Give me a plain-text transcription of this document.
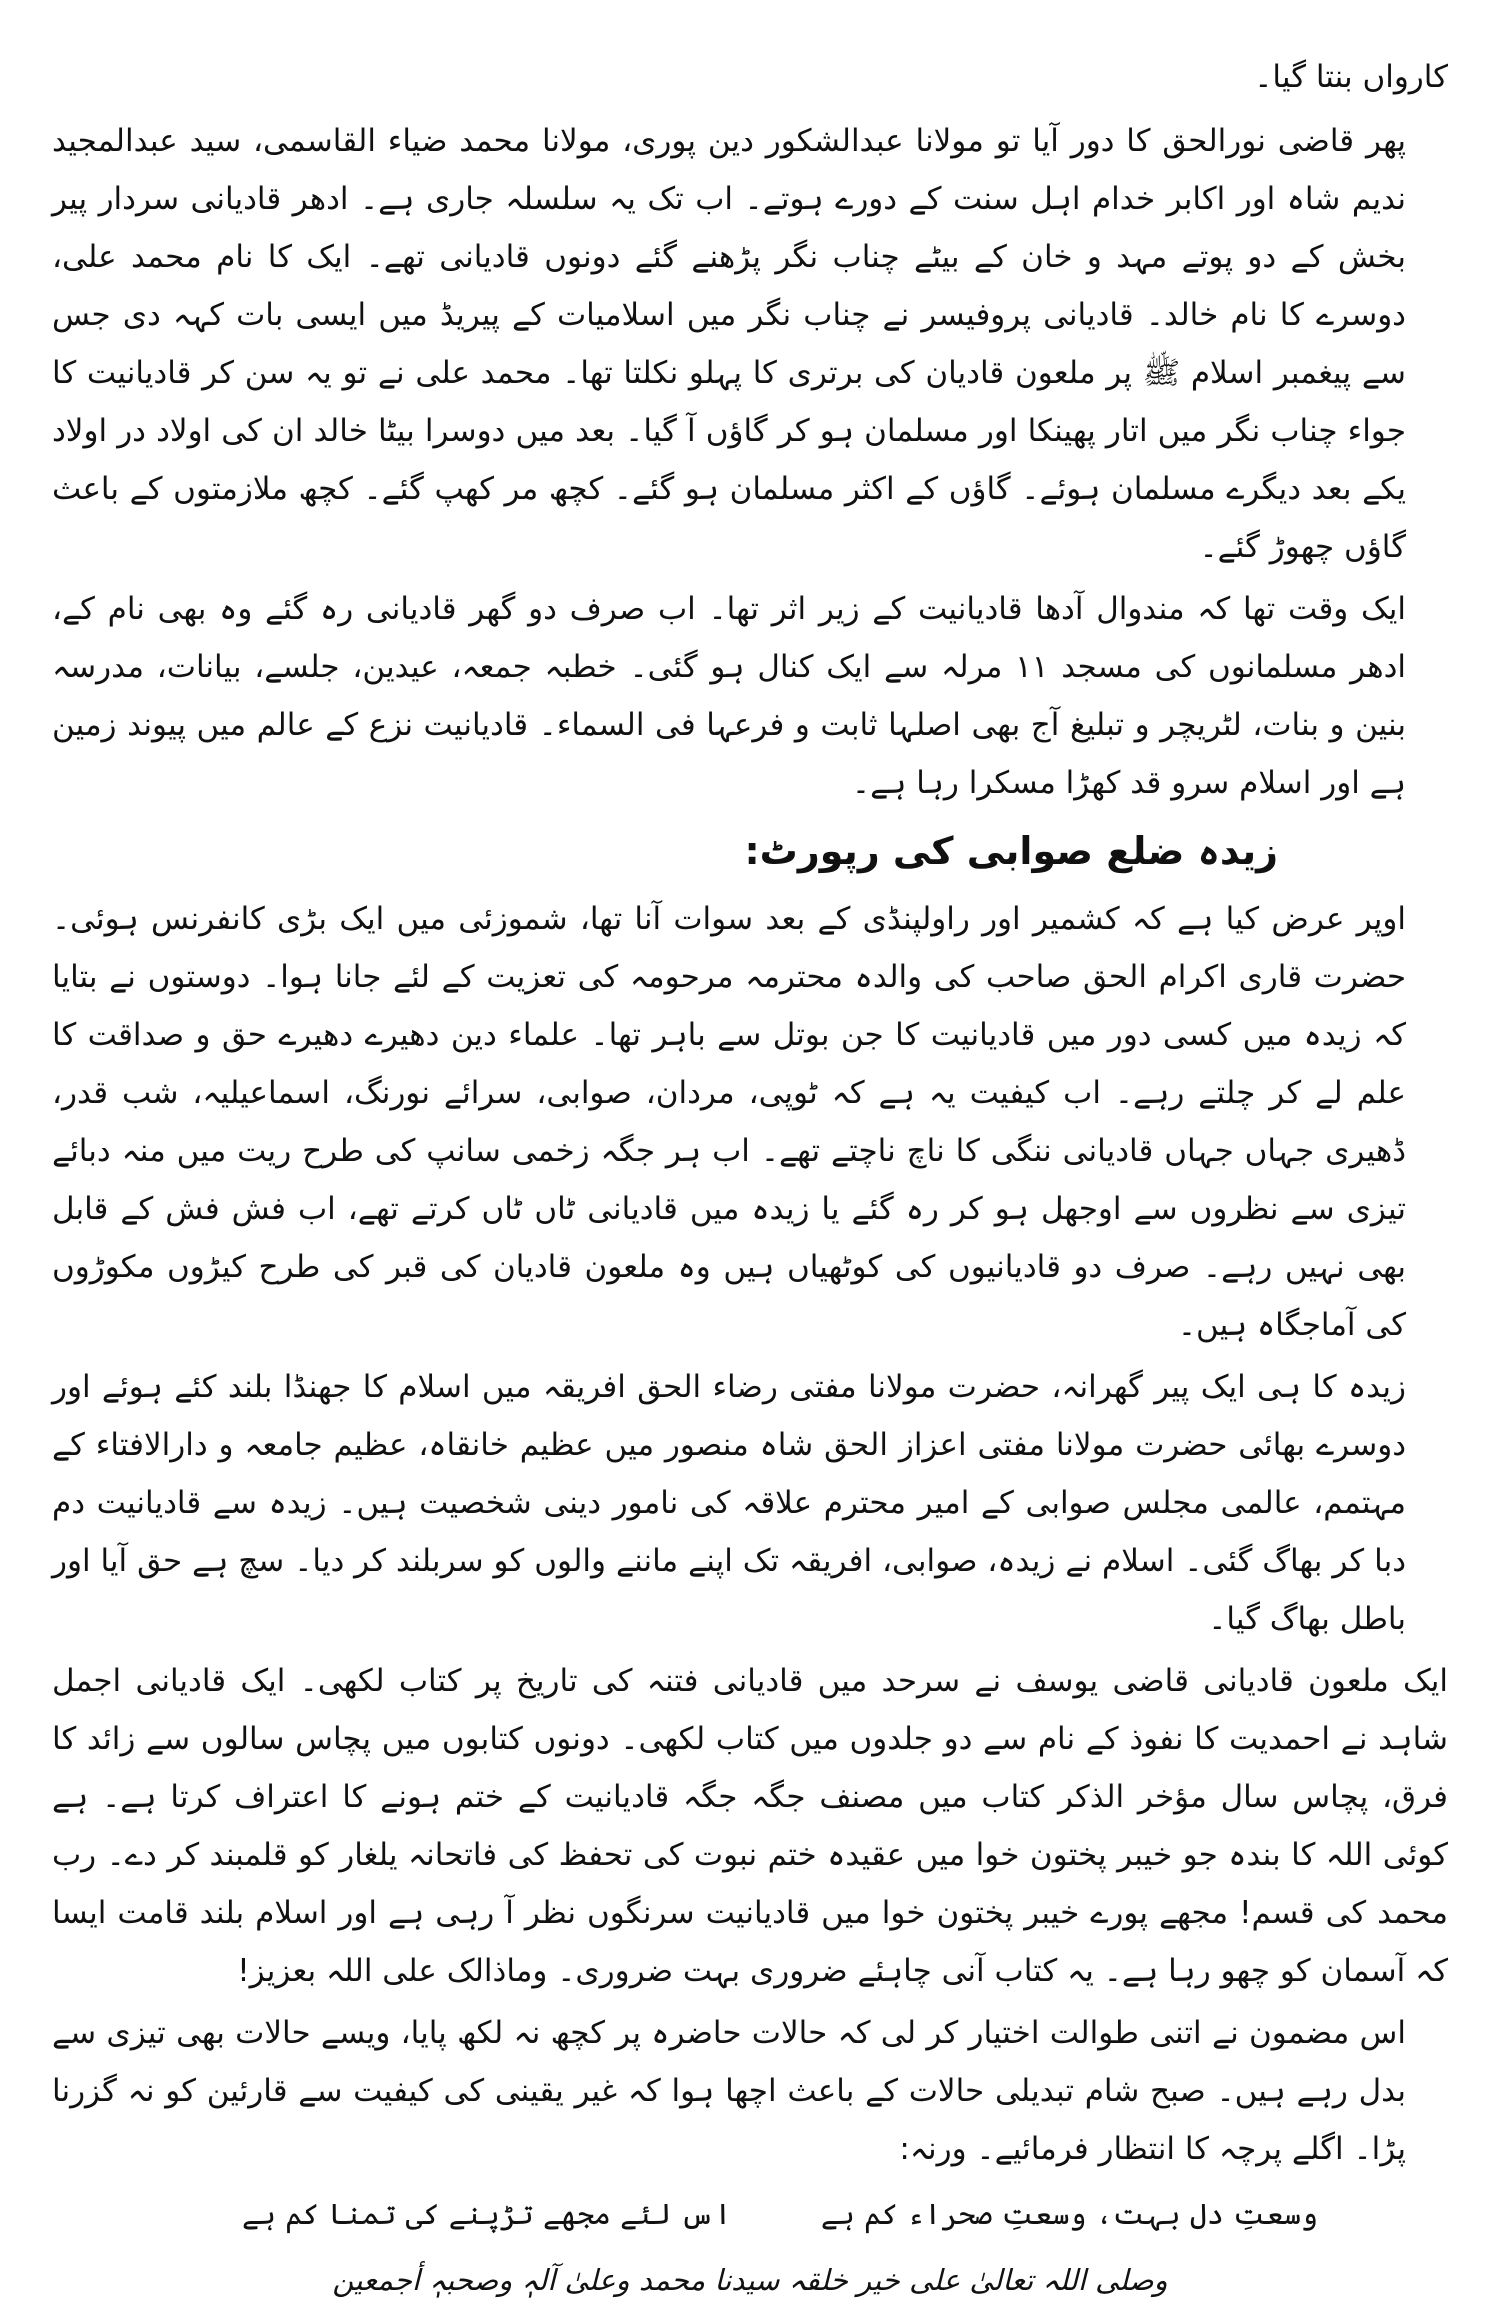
کارواں بنتا گیا۔

پھر قاضی نورالحق کا دور آیا تو مولانا عبدالشکور دین پوری، مولانا محمد ضیاء القاسمی، سید عبدالمجید ندیم شاہ اور اکابر خدام اہل سنت کے دورے ہوتے۔ اب تک یہ سلسلہ جاری ہے۔ ادھر قادیانی سردار پیر بخش کے دو پوتے مہد و خان کے بیٹے چناب نگر پڑھنے گئے دونوں قادیانی تھے۔ ایک کا نام محمد علی، دوسرے کا نام خالد۔ قادیانی پروفیسر نے چناب نگر میں اسلامیات کے پیریڈ میں ایسی بات کہہ دی جس سے پیغمبر اسلام ﷺ پر ملعون قادیان کی برتری کا پہلو نکلتا تھا۔ محمد علی نے تو یہ سن کر قادیانیت کا جواء چناب نگر میں اتار پھینکا اور مسلمان ہو کر گاؤں آ گیا۔ بعد میں دوسرا بیٹا خالد ان کی اولاد در اولاد یکے بعد دیگرے مسلمان ہوئے۔ گاؤں کے اکثر مسلمان ہو گئے۔ کچھ مر کھپ گئے۔ کچھ ملازمتوں کے باعث گاؤں چھوڑ گئے۔

ایک وقت تھا کہ مندوال آدھا قادیانیت کے زیر اثر تھا۔ اب صرف دو گھر قادیانی رہ گئے وہ بھی نام کے، ادھر مسلمانوں کی مسجد ۱۱ مرلہ سے ایک کنال ہو گئی۔ خطبہ جمعہ، عیدین، جلسے، بیانات، مدرسہ بنین و بنات، لٹریچر و تبلیغ آج بھی اصلہا ثابت و فرعہا فی السماء۔ قادیانیت نزع کے عالم میں پیوند زمین ہے اور اسلام سرو قد کھڑا مسکرا رہا ہے۔

زیدہ ضلع صوابی کی رپورٹ:

اوپر عرض کیا ہے کہ کشمیر اور راولپنڈی کے بعد سوات آنا تھا، شموزئی میں ایک بڑی کانفرنس ہوئی۔ حضرت قاری اکرام الحق صاحب کی والدہ محترمہ مرحومہ کی تعزیت کے لئے جانا ہوا۔ دوستوں نے بتایا کہ زیدہ میں کسی دور میں قادیانیت کا جن بوتل سے باہر تھا۔ علماء دین دھیرے دھیرے حق و صداقت کا علم لے کر چلتے رہے۔ اب کیفیت یہ ہے کہ ٹوپی، مردان، صوابی، سرائے نورنگ، اسماعیلیہ، شب قدر، ڈھیری جہاں جہاں قادیانی ننگی کا ناچ ناچتے تھے۔ اب ہر جگہ زخمی سانپ کی طرح ریت میں منہ دبائے تیزی سے نظروں سے اوجھل ہو کر رہ گئے یا زیدہ میں قادیانی ٹاں ٹاں کرتے تھے، اب فش فش کے قابل بھی نہیں رہے۔ صرف دو قادیانیوں کی کوٹھیاں ہیں وہ ملعون قادیان کی قبر کی طرح کیڑوں مکوڑوں کی آماجگاہ ہیں۔

زیدہ کا ہی ایک پیر گھرانہ، حضرت مولانا مفتی رضاء الحق افریقہ میں اسلام کا جھنڈا بلند کئے ہوئے اور دوسرے بھائی حضرت مولانا مفتی اعزاز الحق شاہ منصور میں عظیم خانقاہ، عظیم جامعہ و دارالافتاء کے مہتمم، عالمی مجلس صوابی کے امیر محترم علاقہ کی نامور دینی شخصیت ہیں۔ زیدہ سے قادیانیت دم دبا کر بھاگ گئی۔ اسلام نے زیدہ، صوابی، افریقہ تک اپنے ماننے والوں کو سربلند کر دیا۔ سچ ہے حق آیا اور باطل بھاگ گیا۔

ایک ملعون قادیانی قاضی یوسف نے سرحد میں قادیانی فتنہ کی تاریخ پر کتاب لکھی۔ ایک قادیانی اجمل شاہد نے احمدیت کا نفوذ کے نام سے دو جلدوں میں کتاب لکھی۔ دونوں کتابوں میں پچاس سالوں سے زائد کا فرق، پچاس سال مؤخر الذکر کتاب میں مصنف جگہ جگہ قادیانیت کے ختم ہونے کا اعتراف کرتا ہے۔ ہے کوئی اللہ کا بندہ جو خیبر پختون خوا میں عقیدہ ختم نبوت کی تحفظ کی فاتحانہ یلغار کو قلمبند کر دے۔ رب محمد کی قسم! مجھے پورے خیبر پختون خوا میں قادیانیت سرنگوں نظر آ رہی ہے اور اسلام بلند قامت ایسا کہ آسمان کو چھو رہا ہے۔ یہ کتاب آنی چاہئے ضروری بہت ضروری۔ وماذالک علی اللہ بعزیز!

اس مضمون نے اتنی طوالت اختیار کر لی کہ حالات حاضرہ پر کچھ نہ لکھ پایا، ویسے حالات بھی تیزی سے بدل رہے ہیں۔ صبح شام تبدیلی حالات کے باعث اچھا ہوا کہ غیر یقینی کی کیفیت سے قارئین کو نہ گزرنا پڑا۔ اگلے پرچہ کا انتظار فرمائیے۔ ورنہ:

وسعتِ دل بہت، وسعتِ صحراء کم ہے
اس لئے مجھے تڑپنے کی تمنا کم ہے
وصلی اللہ تعالیٰ علی خیر خلقہ سیدنا محمد وعلیٰ آلہٖ وصحبہٖ أجمعین
